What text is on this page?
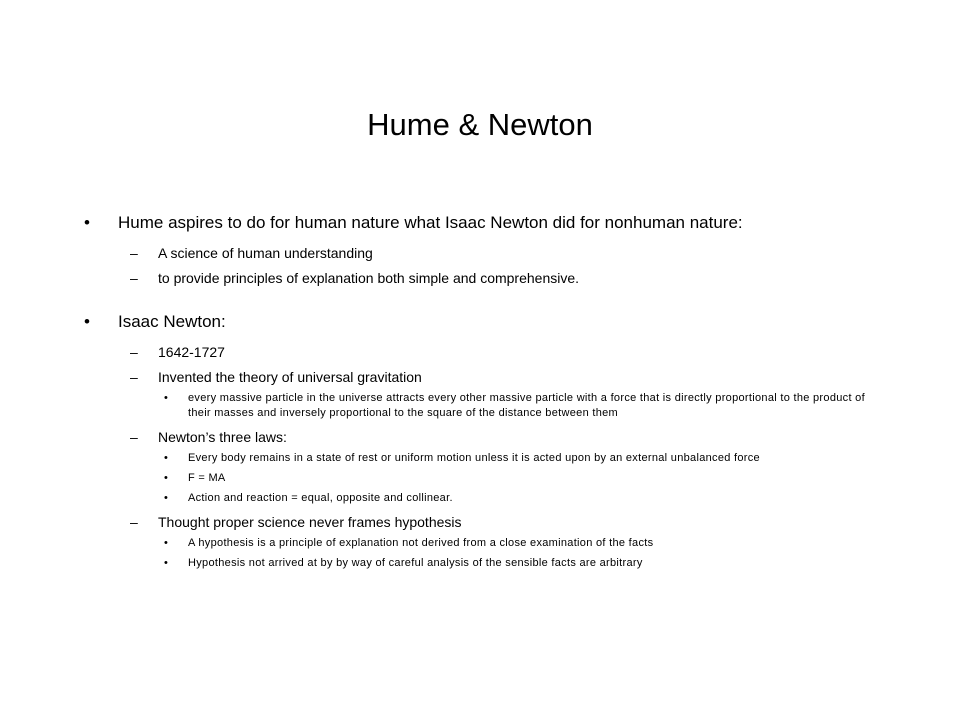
Hume & Newton
• Hume aspires to do for human nature what Isaac Newton did for nonhuman nature:
– A science of human understanding
– to provide principles of explanation both simple and comprehensive.
• Isaac Newton:
– 1642-1727
– Invented the theory of universal gravitation
• every massive particle in the universe attracts every other massive particle with a force that is directly proportional to the product of their masses and inversely proportional to the square of the distance between them
– Newton’s three laws:
• Every body remains in a state of rest or uniform motion unless it is acted upon by an external unbalanced force
• F = MA
• Action and reaction = equal, opposite and collinear.
– Thought proper science never frames hypothesis
• A hypothesis is a principle of explanation not derived from a close examination of the facts
• Hypothesis not arrived at by by way of careful analysis of the sensible facts are arbitrary
